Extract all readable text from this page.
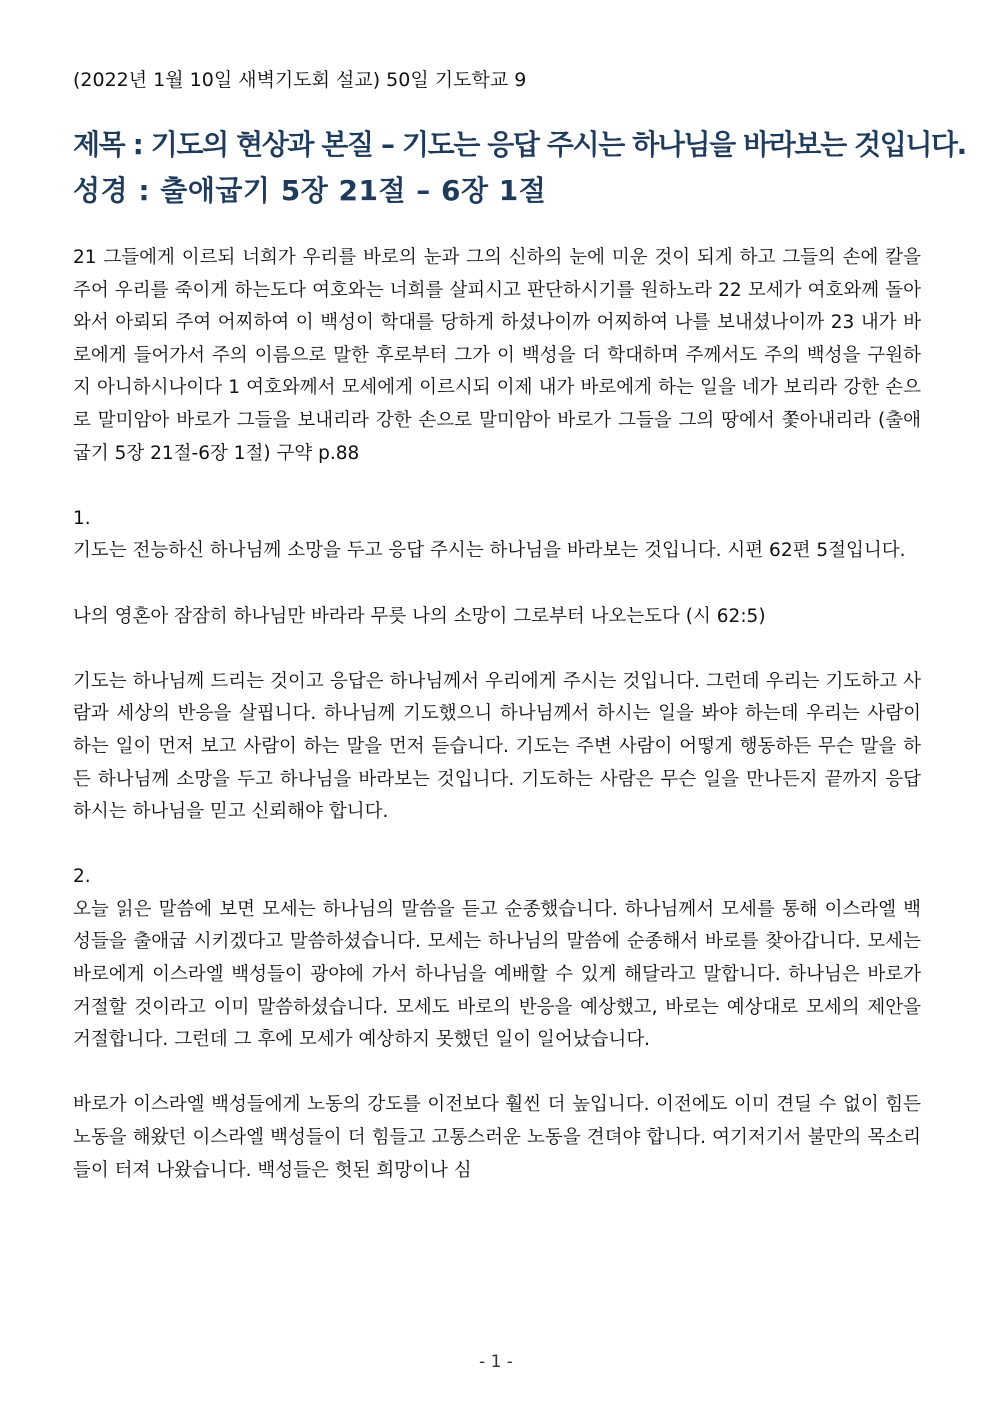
(2022년 1월 10일 새벽기도회 설교) 50일 기도학교 9

제목 : 기도의 현상과 본질 – 기도는 응답 주시는 하나님을 바라보는 것입니다.
성경 : 출애굽기 5장 21절 – 6장 1절

21 그들에게 이르되 너희가 우리를 바로의 눈과 그의 신하의 눈에 미운 것이 되게 하고 그들의 손에 칼을 주어 우리를 죽이게 하는도다 여호와는 너희를 살피시고 판단하시기를 원하노라 22 모세가 여호와께 돌아와서 아뢰되 주여 어찌하여 이 백성이 학대를 당하게 하셨나이까 어찌하여 나를 보내셨나이까 23 내가 바로에게 들어가서 주의 이름으로 말한 후로부터 그가 이 백성을 더 학대하며 주께서도 주의 백성을 구원하지 아니하시나이다 1 여호와께서 모세에게 이르시되 이제 내가 바로에게 하는 일을 네가 보리라 강한 손으로 말미암아 바로가 그들을 보내리라 강한 손으로 말미암아 바로가 그들을 그의 땅에서 쫓아내리라 (출애굽기 5장 21절-6장 1절) 구약 p.88

1.

기도는 전능하신 하나님께 소망을 두고 응답 주시는 하나님을 바라보는 것입니다. 시편 62편 5절입니다.

나의 영혼아 잠잠히 하나님만 바라라 무릇 나의 소망이 그로부터 나오는도다 (시 62:5)

기도는 하나님께 드리는 것이고 응답은 하나님께서 우리에게 주시는 것입니다. 그런데 우리는 기도하고 사람과 세상의 반응을 살핍니다. 하나님께 기도했으니 하나님께서 하시는 일을 봐야 하는데 우리는 사람이 하는 일이 먼저 보고 사람이 하는 말을 먼저 듣습니다. 기도는 주변 사람이 어떻게 행동하든 무슨 말을 하든 하나님께 소망을 두고 하나님을 바라보는 것입니다. 기도하는 사람은 무슨 일을 만나든지 끝까지 응답하시는 하나님을 믿고 신뢰해야 합니다.

2.

오늘 읽은 말씀에 보면 모세는 하나님의 말씀을 듣고 순종했습니다. 하나님께서 모세를 통해 이스라엘 백성들을 출애굽 시키겠다고 말씀하셨습니다. 모세는 하나님의 말씀에 순종해서 바로를 찾아갑니다. 모세는 바로에게 이스라엘 백성들이 광야에 가서 하나님을 예배할 수 있게 해달라고 말합니다. 하나님은 바로가 거절할 것이라고 이미 말씀하셨습니다. 모세도 바로의 반응을 예상했고, 바로는 예상대로 모세의 제안을 거절합니다. 그런데 그 후에 모세가 예상하지 못했던 일이 일어났습니다.

바로가 이스라엘 백성들에게 노동의 강도를 이전보다 훨씬 더 높입니다. 이전에도 이미 견딜 수 없이 힘든 노동을 해왔던 이스라엘 백성들이 더 힘들고 고통스러운 노동을 견뎌야 합니다. 여기저기서 불만의 목소리들이 터져 나왔습니다. 백성들은 헛된 희망이나 심

- 1 -
